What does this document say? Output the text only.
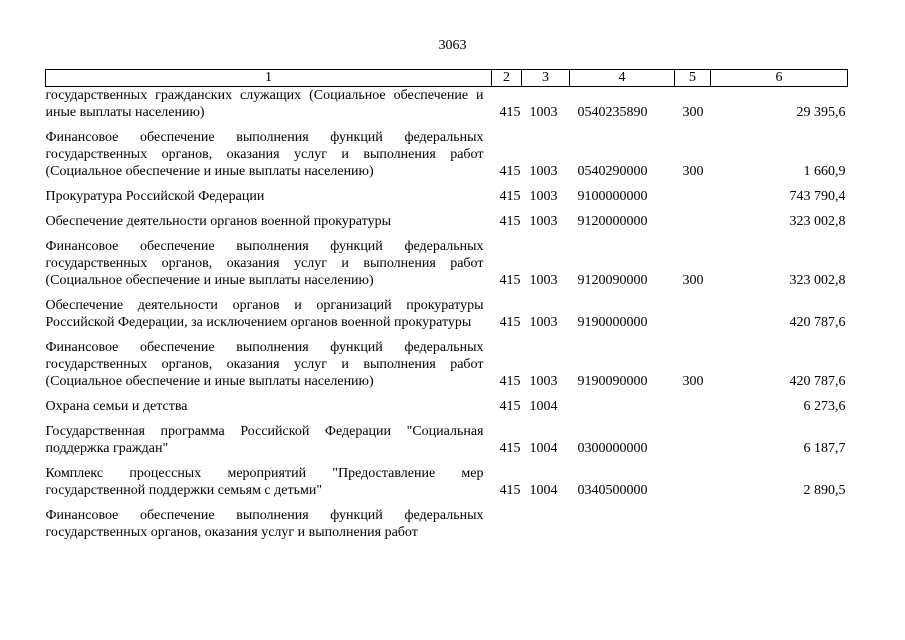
3063
1	2	3	4	5	6
государственных гражданских служащих (Социальное обеспечение и иные выплаты населению)	415	1003	0540235890	300	29 395,6
Финансовое обеспечение выполнения функций федеральных государственных органов, оказания услуг и выполнения работ (Социальное обеспечение и иные выплаты населению)	415	1003	0540290000	300	1 660,9
Прокуратура Российской Федерации	415	1003	9100000000		743 790,4
Обеспечение деятельности органов военной прокуратуры	415	1003	9120000000		323 002,8
Финансовое обеспечение выполнения функций федеральных государственных органов, оказания услуг и выполнения работ (Социальное обеспечение и иные выплаты населению)	415	1003	9120090000	300	323 002,8
Обеспечение деятельности органов и организаций прокуратуры Российской Федерации, за исключением органов военной прокуратуры	415	1003	9190000000		420 787,6
Финансовое обеспечение выполнения функций федеральных государственных органов, оказания услуг и выполнения работ (Социальное обеспечение и иные выплаты населению)	415	1003	9190090000	300	420 787,6
Охрана семьи и детства	415	1004			6 273,6
Государственная программа Российской Федерации "Социальная поддержка граждан"	415	1004	0300000000		6 187,7
Комплекс процессных мероприятий "Предоставление мер государственной поддержки семьям с детьми"	415	1004	0340500000		2 890,5
Финансовое обеспечение выполнения функций федеральных государственных органов, оказания услуг и выполнения работ					
